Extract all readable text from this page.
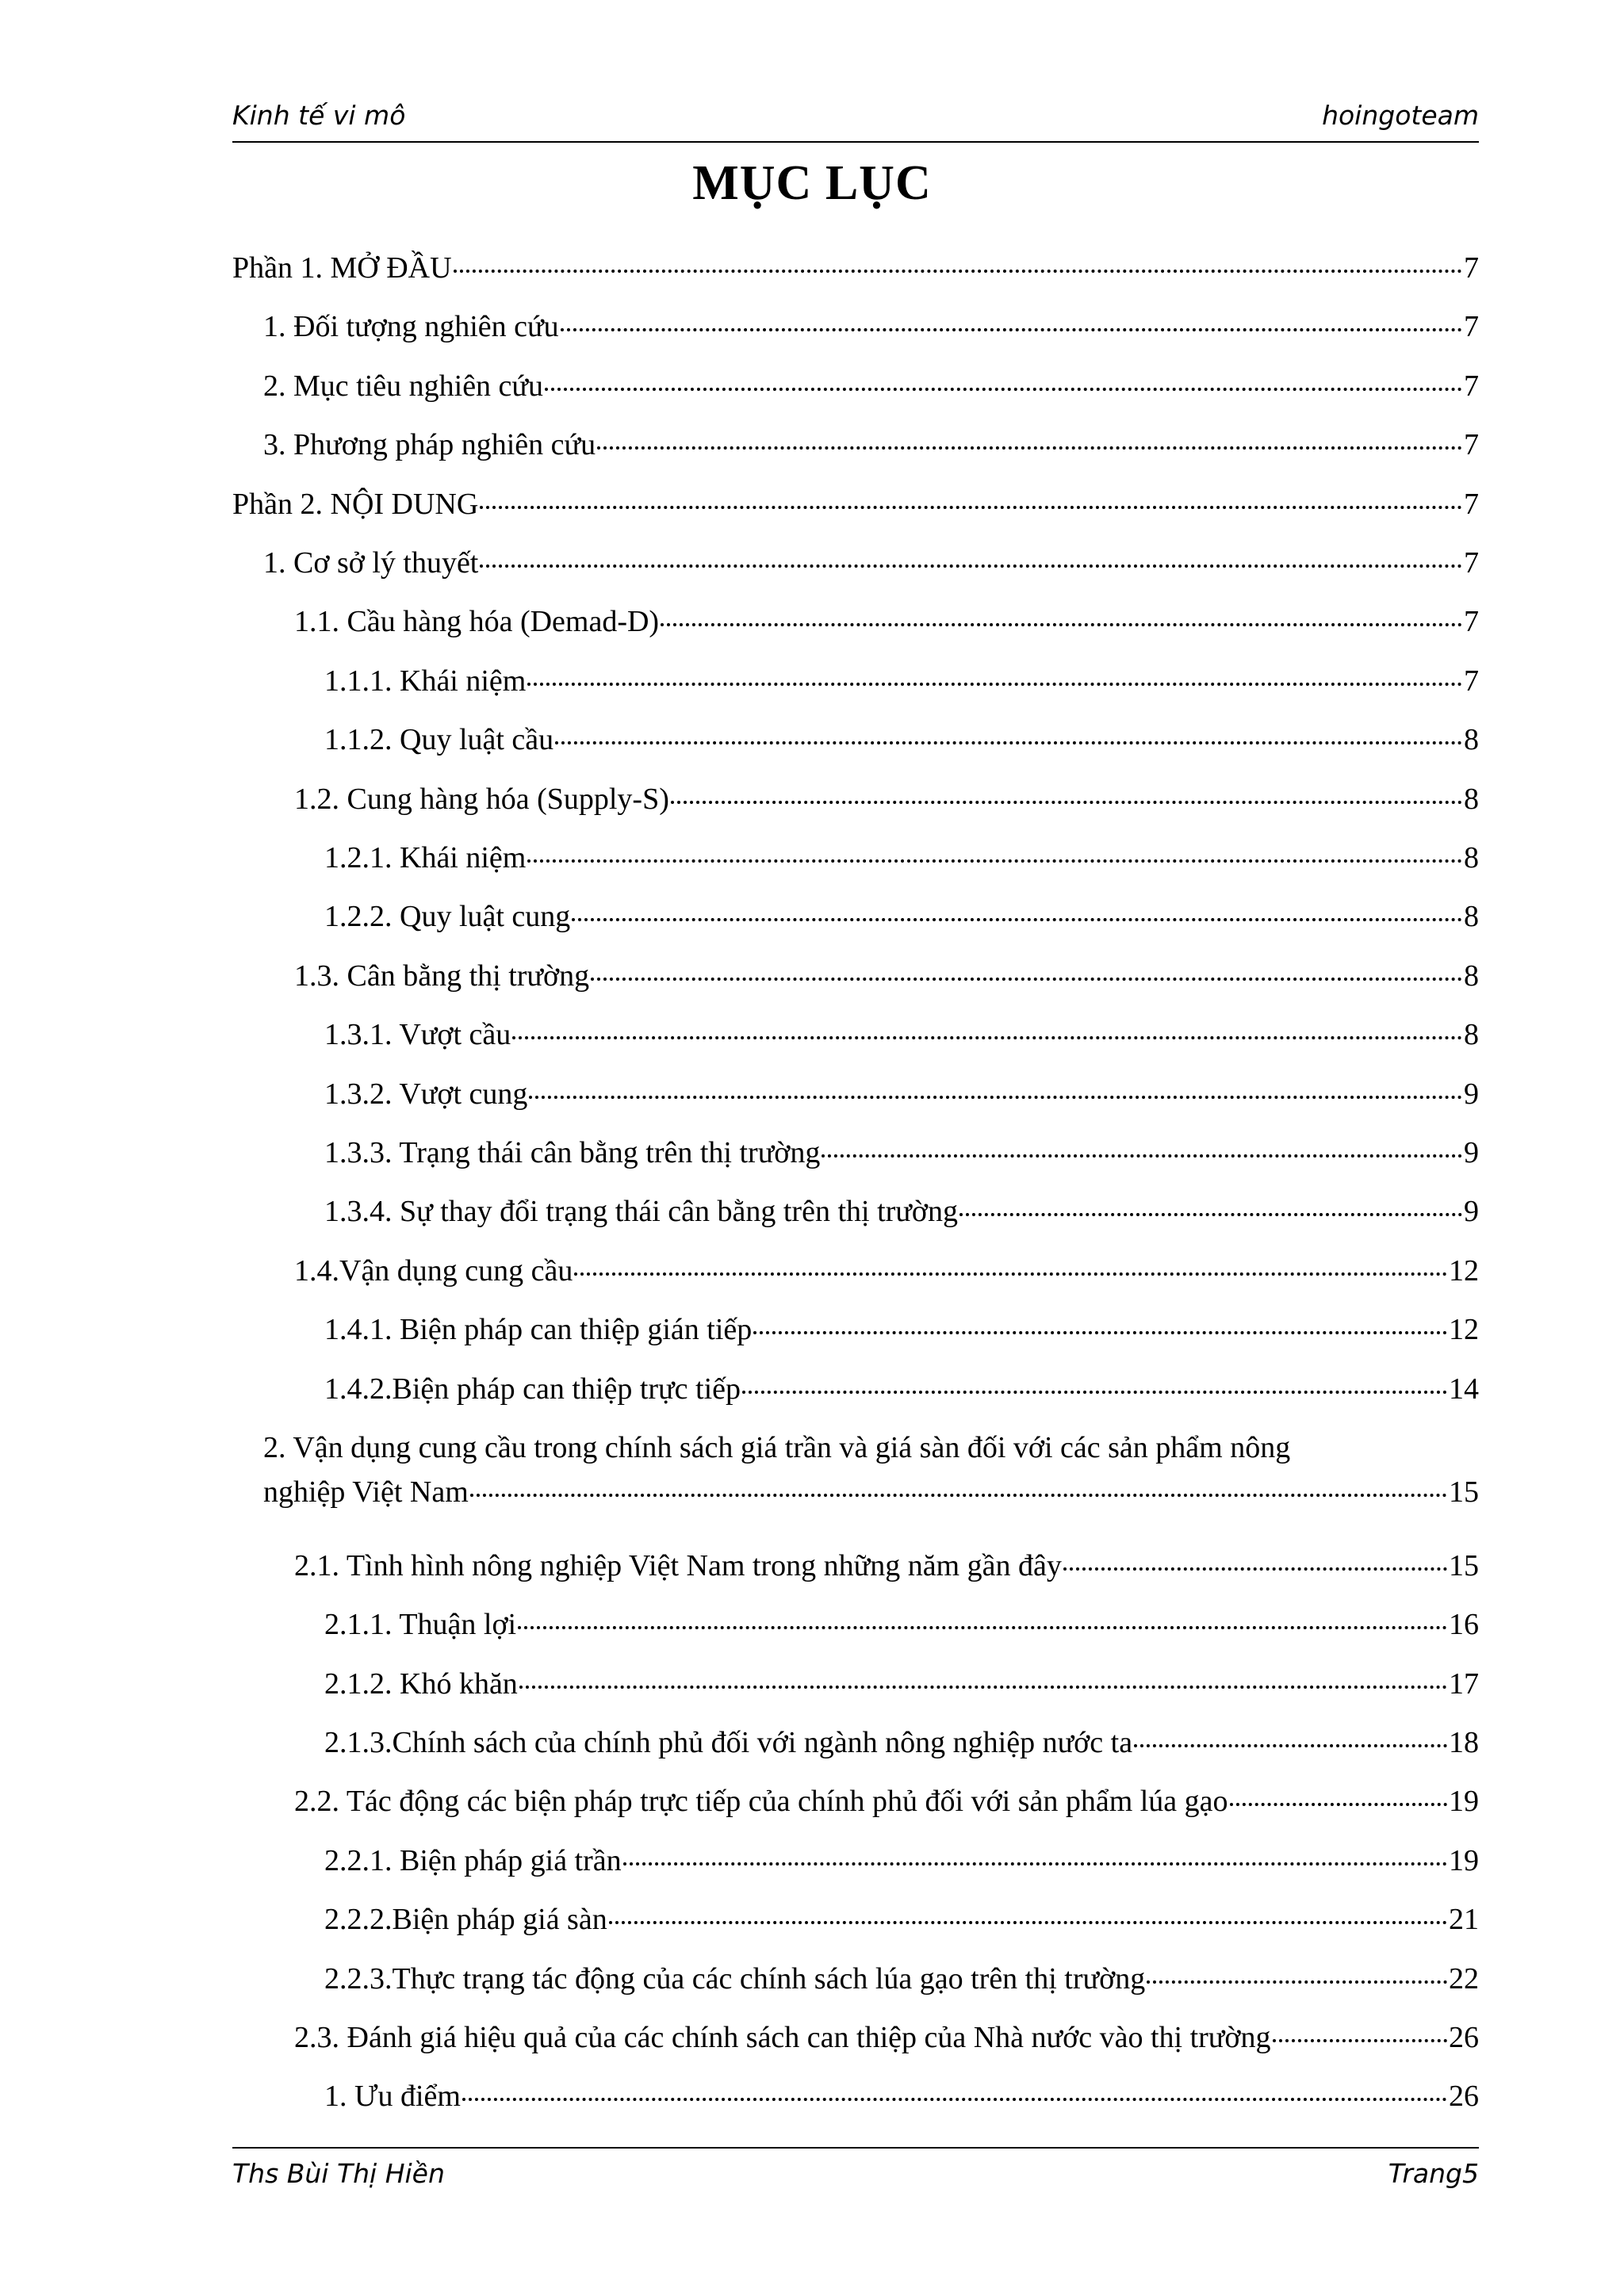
Kinh tế vi mô	hoingoteam
MỤC LỤC
Phần 1. MỞ ĐẦU	7
1. Đối tượng nghiên cứu	7
2. Mục tiêu nghiên cứu	7
3. Phương pháp nghiên cứu	7
Phần 2. NỘI DUNG	7
1. Cơ sở lý thuyết	7
1.1. Cầu hàng hóa (Demad-D)	7
1.1.1. Khái niệm	7
1.1.2. Quy luật cầu	8
1.2. Cung hàng hóa (Supply-S)	8
1.2.1. Khái niệm	8
1.2.2. Quy luật cung	8
1.3. Cân bằng thị trường	8
1.3.1. Vượt cầu	8
1.3.2. Vượt cung	9
1.3.3. Trạng thái cân bằng trên thị trường	9
1.3.4. Sự thay đổi trạng thái cân bằng trên thị trường	9
1.4.Vận dụng cung cầu	12
1.4.1. Biện pháp can thiệp gián tiếp	12
1.4.2.Biện pháp can thiệp trực tiếp	14
2. Vận dụng cung cầu trong chính sách giá trần và giá sàn đối với các sản phẩm nông
nghiệp Việt Nam	15
2.1. Tình hình nông nghiệp Việt Nam trong những năm gần đây	15
2.1.1. Thuận lợi	16
2.1.2. Khó khăn	17
2.1.3.Chính sách của chính phủ đối với ngành nông nghiệp nước ta	18
2.2. Tác động các biện pháp trực tiếp của chính phủ đối với sản phẩm lúa gạo	19
2.2.1. Biện pháp giá trần	19
2.2.2.Biện pháp giá sàn	21
2.2.3.Thực trạng tác động của các chính sách lúa gạo trên thị trường	22
2.3. Đánh giá hiệu quả của các chính sách can thiệp của Nhà nước vào thị trường	26
1. Ưu điểm	26
Ths Bùi Thị Hiền	Trang5
